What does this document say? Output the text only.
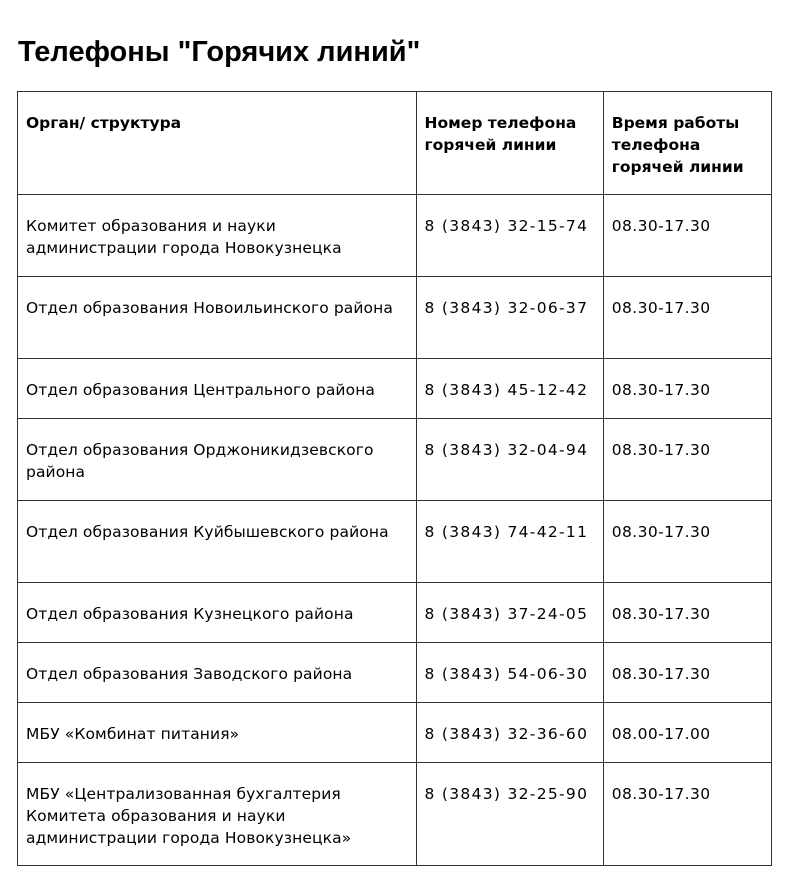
Телефоны "Горячих линий"
Орган/ структура	Номер телефона горячей линии	Время работы телефона горячей линии
Комитет образования и науки администрации города Новокузнецка	8 (3843) 32-15-74	08.30-17.30
Отдел образования Новоильинского района	8 (3843) 32-06-37	08.30-17.30
Отдел образования Центрального района	8 (3843) 45-12-42	08.30-17.30
Отдел образования Орджоникидзевского района	8 (3843) 32-04-94	08.30-17.30
Отдел образования Куйбышевского района	8 (3843) 74-42-11	08.30-17.30
Отдел образования Кузнецкого района	8 (3843) 37-24-05	08.30-17.30
Отдел образования Заводского района	8 (3843) 54-06-30	08.30-17.30
МБУ «Комбинат питания»	8 (3843) 32-36-60	08.00-17.00
МБУ «Централизованная бухгалтерия Комитета образования и науки администрации города Новокузнецка»	8 (3843) 32-25-90	08.30-17.30
